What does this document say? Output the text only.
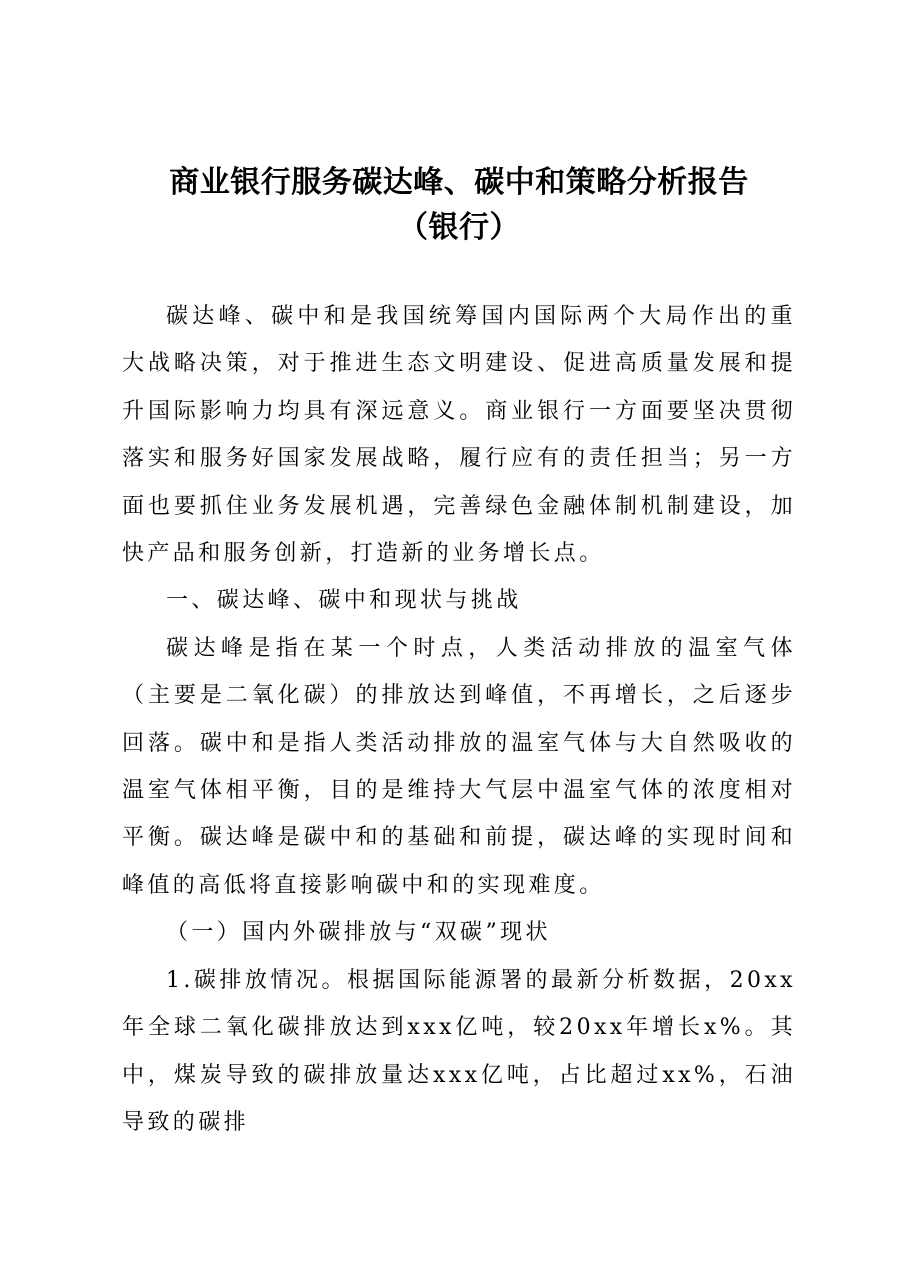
商业银行服务碳达峰、碳中和策略分析报告
（银行）

碳达峰、碳中和是我国统筹国内国际两个大局作出的重大战略决策，对于推进生态文明建设、促进高质量发展和提升国际影响力均具有深远意义。商业银行一方面要坚决贯彻落实和服务好国家发展战略，履行应有的责任担当；另一方面也要抓住业务发展机遇，完善绿色金融体制机制建设，加快产品和服务创新，打造新的业务增长点。

一、碳达峰、碳中和现状与挑战

碳达峰是指在某一个时点，人类活动排放的温室气体（主要是二氧化碳）的排放达到峰值，不再增长，之后逐步回落。碳中和是指人类活动排放的温室气体与大自然吸收的温室气体相平衡，目的是维持大气层中温室气体的浓度相对平衡。碳达峰是碳中和的基础和前提，碳达峰的实现时间和峰值的高低将直接影响碳中和的实现难度。

（一）国内外碳排放与“双碳”现状

1.碳排放情况。根据国际能源署的最新分析数据，20xx年全球二氧化碳排放达到xxx亿吨，较20xx年增长x%。其中，煤炭导致的碳排放量达xxx亿吨，占比超过xx%，石油导致的碳排
